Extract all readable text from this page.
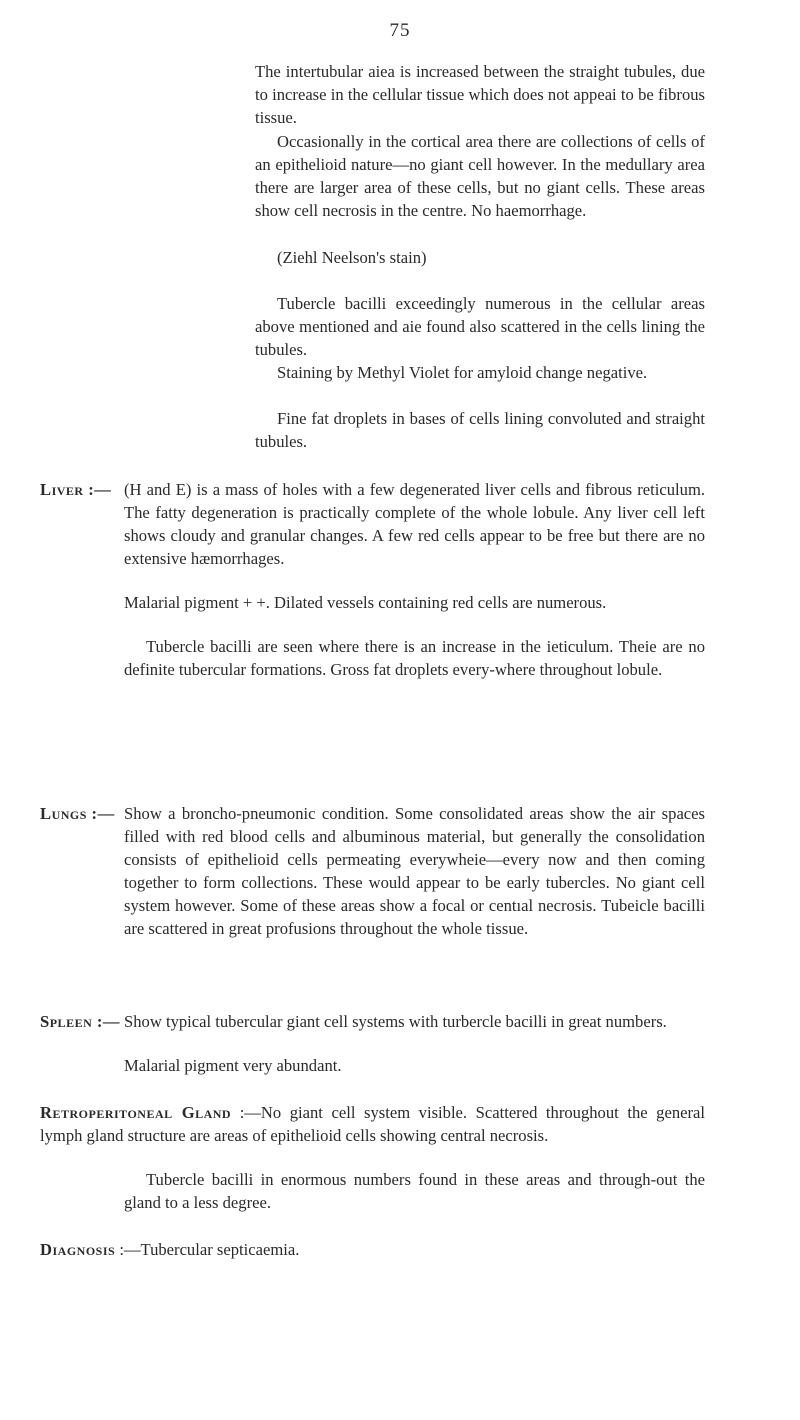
75

The intertubular aiea is increased between the straight tubules, due to increase in the cellular tissue which does not appeai to be fibrous tissue.

Occasionally in the cortical area there are collections of cells of an epithelioid nature—no giant cell however. In the medullary area there are larger area of these cells, but no giant cells. These areas show cell necrosis in the centre. No haemorrhage.

(Ziehl Neelson's stain)

Tubercle bacilli exceedingly numerous in the cellular areas above mentioned and aie found also scattered in the cells lining the tubules.

Staining by Methyl Violet for amyloid change negative.

Fine fat droplets in bases of cells lining convoluted and straight tubules.

Liver :— (H and E) is a mass of holes with a few degenerated liver cells and fibrous reticulum. The fatty degeneration is practically complete of the whole lobule. Any liver cell left shows cloudy and granular changes. A few red cells appear to be free but there are no extensive hæmorrhages.

Malarial pigment + +. Dilated vessels containing red cells are numerous.

Tubercle bacilli are seen where there is an increase in the ieticulum. Theie are no definite tubercular formations. Gross fat droplets every-where throughout lobule.

Lungs :— Show a broncho-pneumonic condition. Some consolidated areas show the air spaces filled with red blood cells and albuminous material, but generally the consolidation consists of epithelioid cells permeating everywheie—every now and then coming together to form collections. These would appear to be early tubercles. No giant cell system however. Some of these areas show a focal or centıal necrosis. Tubeicle bacilli are scattered in great profusions throughout the whole tissue.

Spleen :— Show typical tubercular giant cell systems with turbercle bacilli in great numbers.

Malarial pigment very abundant.

Retroperitoneal Gland :—No giant cell system visible. Scattered throughout the general lymph gland structure are areas of epithelioid cells showing central necrosis.

Tubercle bacilli in enormous numbers found in these areas and through-out the gland to a less degree.

Diagnosis :—Tubercular septicaemia.
